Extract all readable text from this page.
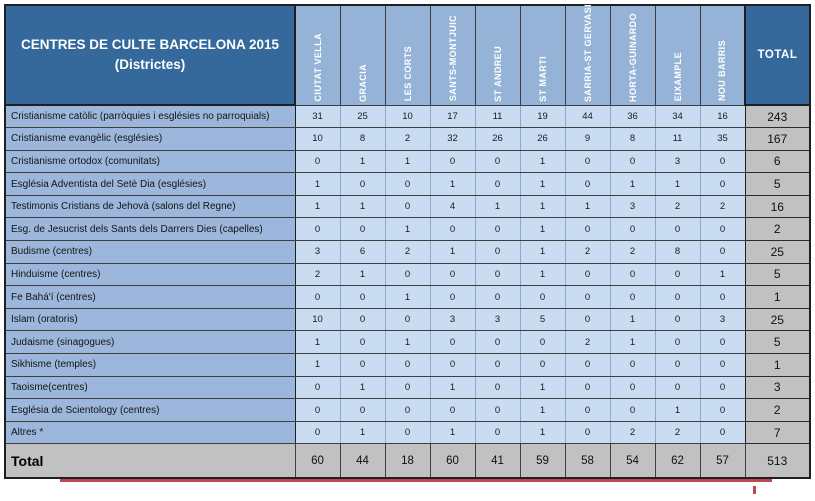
CENTRES DE CULTE BARCELONA 2015
(Districtes)	CIUTAT VELLA	GRACIA	LES CORTS	SANTS-MONTJUIC	ST ANDREU	ST MARTI	SARRIA-ST GERVASI	HORTA-GUINARDO	EIXAMPLE	NOU BARRIS	TOTAL
Cristianisme catòlic (parròquies i esglésies no parroquials)	31	25	10	17	11	19	44	36	34	16	243
Cristianisme evangèlic (esglésies)	10	8	2	32	26	26	9	8	11	35	167
Cristianisme ortodox (comunitats)	0	1	1	0	0	1	0	0	3	0	6
Església Adventista del Setè Dia (esglésies)	1	0	0	1	0	1	0	1	1	0	5
Testimonis Cristians de Jehovà (salons del Regne)	1	1	0	4	1	1	1	3	2	2	16
Esg. de Jesucrist dels Sants dels Darrers Dies (capelles)	0	0	1	0	0	1	0	0	0	0	2
Budisme (centres)	3	6	2	1	0	1	2	2	8	0	25
Hinduisme (centres)	2	1	0	0	0	1	0	0	0	1	5
Fe Bahá'í (centres)	0	0	1	0	0	0	0	0	0	0	1
Islam (oratoris)	10	0	0	3	3	5	0	1	0	3	25
Judaisme (sinagogues)	1	0	1	0	0	0	2	1	0	0	5
Sikhisme (temples)	1	0	0	0	0	0	0	0	0	0	1
Taoisme(centres)	0	1	0	1	0	1	0	0	0	0	3
Església de Scientology (centres)	0	0	0	0	0	1	0	0	1	0	2
Altres *	0	1	0	1	0	1	0	2	2	0	7
Total	60	44	18	60	41	59	58	54	62	57	513
